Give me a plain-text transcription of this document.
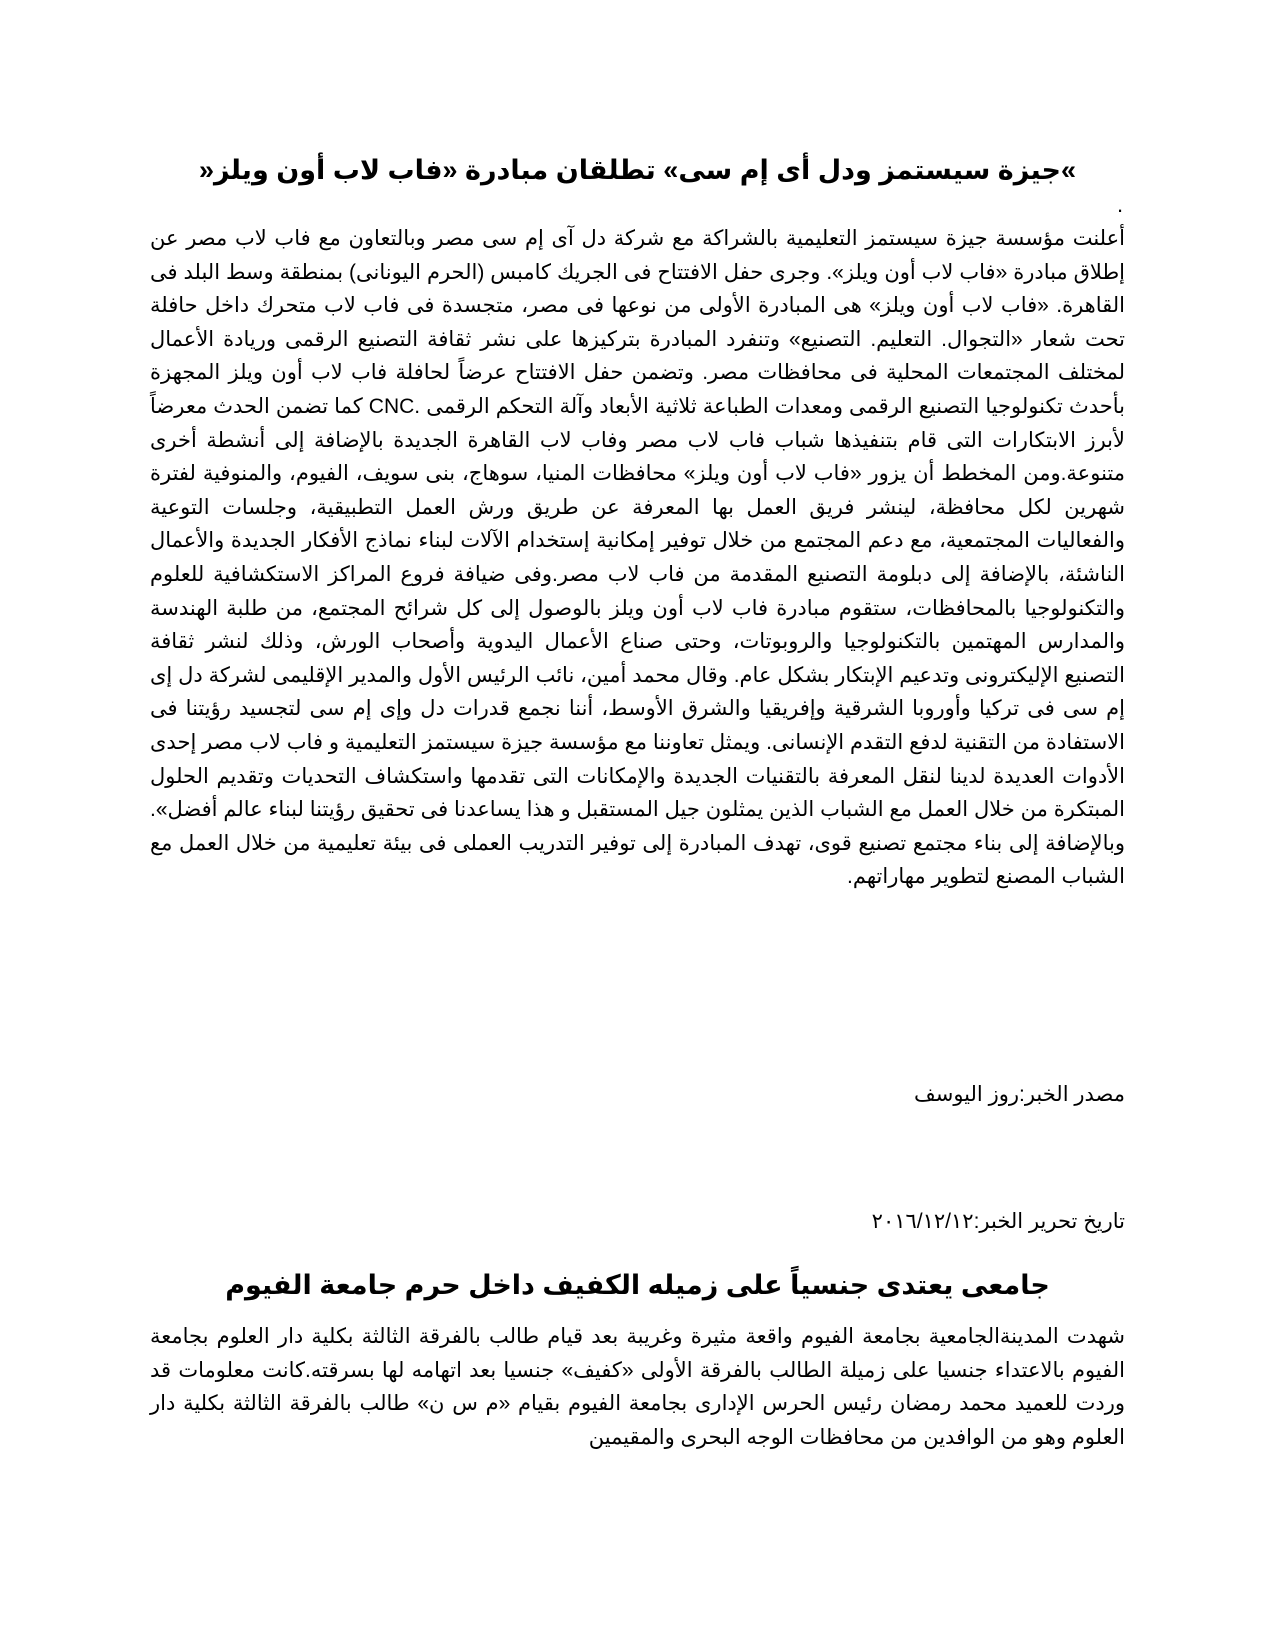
»جيزة سيستمز ودل أى إم سى» تطلقان مبادرة «فاب لاب أون ويلز«
.
أعلنت مؤسسة جيزة سيستمز التعليمية بالشراكة مع شركة دل آى إم سى مصر وبالتعاون مع فاب لاب مصر عن إطلاق مبادرة «فاب لاب أون ويلز». وجرى حفل الافتتاح فى الجريك كامبس (الحرم اليونانى) بمنطقة وسط البلد فى القاهرة. «فاب لاب أون ويلز» هى المبادرة الأولى من نوعها فى مصر، متجسدة فى فاب لاب متحرك داخل حافلة تحت شعار «التجوال. التعليم. التصنيع» وتنفرد المبادرة بتركيزها على نشر ثقافة التصنيع الرقمى وريادة الأعمال لمختلف المجتمعات المحلية فى محافظات مصر. وتضمن حفل الافتتاح عرضاً لحافلة فاب لاب أون ويلز المجهزة بأحدث تكنولوجيا التصنيع الرقمى ومعدات الطباعة ثلاثية الأبعاد وآلة التحكم الرقمى .CNC كما تضمن الحدث معرضاً لأبرز الابتكارات التى قام بتنفيذها شباب فاب لاب مصر وفاب لاب القاهرة الجديدة بالإضافة إلى أنشطة أخرى متنوعة.ومن المخطط أن يزور «فاب لاب أون ويلز» محافظات المنيا، سوهاج، بنى سويف، الفيوم، والمنوفية لفترة شهرين لكل محافظة، لينشر فريق العمل بها المعرفة عن طريق ورش العمل التطبيقية، وجلسات التوعية والفعاليات المجتمعية، مع دعم المجتمع من خلال توفير إمكانية إستخدام الآلات لبناء نماذج الأفكار الجديدة والأعمال الناشئة، بالإضافة إلى دبلومة التصنيع المقدمة من فاب لاب مصر.وفى ضيافة فروع المراكز الاستكشافية للعلوم والتكنولوجيا بالمحافظات، ستقوم مبادرة فاب لاب أون ويلز بالوصول إلى كل شرائح المجتمع، من طلبة الهندسة والمدارس المهتمين بالتكنولوجيا والروبوتات، وحتى صناع الأعمال اليدوية وأصحاب الورش، وذلك لنشر ثقافة التصنيع الإليكترونى وتدعيم الإبتكار بشكل عام. وقال محمد أمين، نائب الرئيس الأول والمدير الإقليمى لشركة دل إى إم سى فى تركيا وأوروبا الشرقية وإفريقيا والشرق الأوسط، أننا نجمع قدرات دل وإى إم سى لتجسيد رؤيتنا فى الاستفادة من التقنية لدفع التقدم الإنسانى. ويمثل تعاوننا مع مؤسسة جيزة سيستمز التعليمية و فاب لاب مصر إحدى الأدوات العديدة لدينا لنقل المعرفة بالتقنيات الجديدة والإمكانات التى تقدمها واستكشاف التحديات وتقديم الحلول المبتكرة من خلال العمل مع الشباب الذين يمثلون جيل المستقبل و هذا يساعدنا فى تحقيق رؤيتنا لبناء عالم أفضل». وبالإضافة إلى بناء مجتمع تصنيع قوى، تهدف المبادرة إلى توفير التدريب العملى فى بيئة تعليمية من خلال العمل مع الشباب المصنع لتطوير مهاراتهم.
مصدر الخبر:روز اليوسف
تاريخ تحرير الخبر:٢٠١٦/١٢/١٢
جامعى يعتدى جنسياً على زميله الكفيف داخل حرم جامعة الفيوم
شهدت المدينةالجامعية بجامعة الفيوم واقعة مثيرة وغريبة بعد قيام طالب بالفرقة الثالثة بكلية دار العلوم بجامعة الفيوم بالاعتداء جنسيا على زميلة الطالب بالفرقة الأولى «كفيف» جنسيا بعد اتهامه لها بسرقته.كانت معلومات قد وردت للعميد محمد رمضان رئيس الحرس الإدارى بجامعة الفيوم بقيام «م س ن» طالب بالفرقة الثالثة بكلية دار العلوم وهو من الوافدين من محافظات الوجه البحرى والمقيمين
